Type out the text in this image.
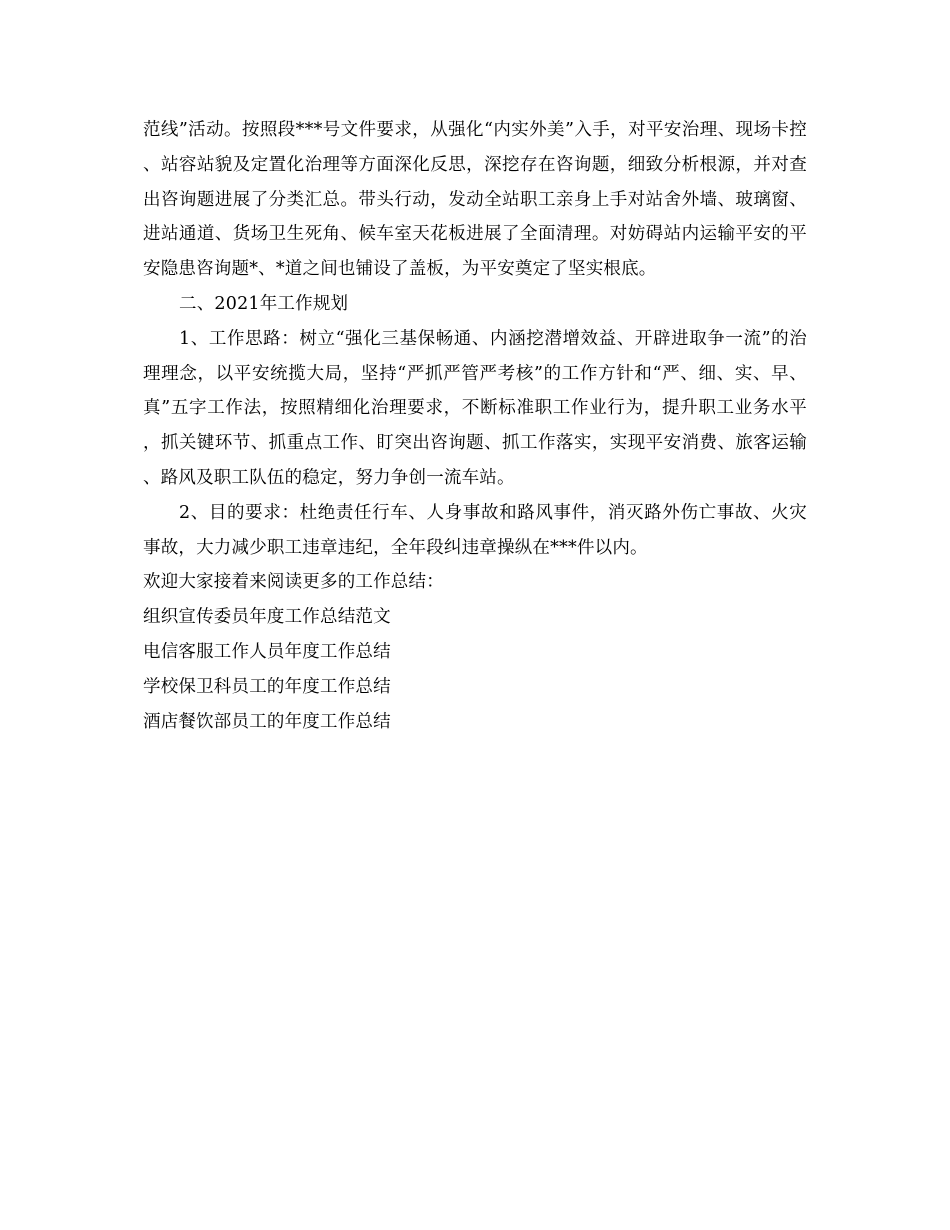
范线”活动。按照段***号文件要求，从强化“内实外美”入手，对平安治理、现场卡控、站容站貌及定置化治理等方面深化反思，深挖存在咨询题，细致分析根源，并对查出咨询题进展了分类汇总。带头行动，发动全站职工亲身上手对站舍外墙、玻璃窗、进站通道、货场卫生死角、候车室天花板进展了全面清理。对妨碍站内运输平安的平安隐患咨询题*、*道之间也铺设了盖板，为平安奠定了坚实根底。

二、2021年工作规划

1、工作思路：树立“强化三基保畅通、内涵挖潜增效益、开辟进取争一流”的治理理念，以平安统揽大局，坚持“严抓严管严考核”的工作方针和“严、细、实、早、真”五字工作法，按照精细化治理要求，不断标准职工作业行为，提升职工业务水平，抓关键环节、抓重点工作、盯突出咨询题、抓工作落实，实现平安消费、旅客运输、路风及职工队伍的稳定，努力争创一流车站。

2、目的要求：杜绝责任行车、人身事故和路风事件，消灭路外伤亡事故、火灾事故，大力减少职工违章违纪，全年段纠违章操纵在***件以内。

欢迎大家接着来阅读更多的工作总结：

组织宣传委员年度工作总结范文
电信客服工作人员年度工作总结
学校保卫科员工的年度工作总结
酒店餐饮部员工的年度工作总结
